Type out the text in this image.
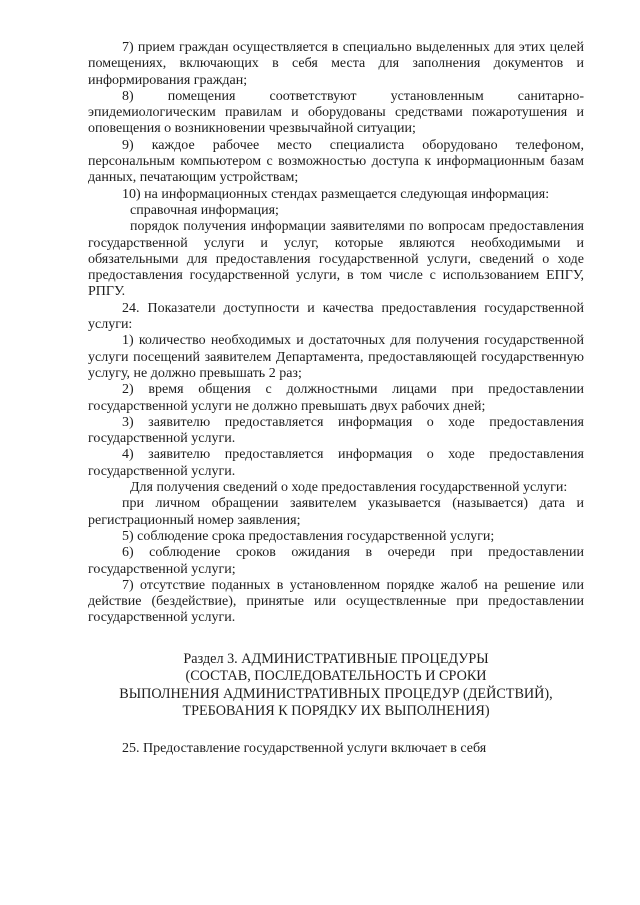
7) прием граждан осуществляется в специально выделенных для этих целей помещениях, включающих в себя места для заполнения документов и информирования граждан;

8) помещения соответствуют установленным санитарно-эпидемиологическим правилам и оборудованы средствами пожаротушения и оповещения о возникновении чрезвычайной ситуации;

9) каждое рабочее место специалиста оборудовано телефоном, персональным компьютером с возможностью доступа к информационным базам данных, печатающим устройствам;

10) на информационных стендах размещается следующая информация:

справочная информация;

порядок получения информации заявителями по вопросам предоставления государственной услуги и услуг, которые являются необходимыми и обязательными для предоставления государственной услуги, сведений о ходе предоставления государственной услуги, в том числе с использованием ЕПГУ, РПГУ.

24. Показатели доступности и качества предоставления государственной услуги:

1) количество необходимых и достаточных для получения государственной услуги посещений заявителем Департамента, предоставляющей государственную услугу, не должно превышать 2 раз;

2) время общения с должностными лицами при предоставлении государственной услуги не должно превышать двух рабочих дней;

3) заявителю предоставляется информация о ходе предоставления государственной услуги.

4) заявителю предоставляется информация о ходе предоставления государственной услуги.

Для получения сведений о ходе предоставления государственной услуги:

при личном обращении заявителем указывается (называется) дата и регистрационный номер заявления;

5) соблюдение срока предоставления государственной услуги;

6) соблюдение сроков ожидания в очереди при предоставлении государственной услуги;

7) отсутствие поданных в установленном порядке жалоб на решение или действие (бездействие), принятые или осуществленные при предоставлении государственной услуги.

Раздел 3. АДМИНИСТРАТИВНЫЕ ПРОЦЕДУРЫ
(СОСТАВ, ПОСЛЕДОВАТЕЛЬНОСТЬ И СРОКИ
ВЫПОЛНЕНИЯ АДМИНИСТРАТИВНЫХ ПРОЦЕДУР (ДЕЙСТВИЙ),
ТРЕБОВАНИЯ К ПОРЯДКУ ИХ ВЫПОЛНЕНИЯ)

25. Предоставление государственной услуги включает в себя
